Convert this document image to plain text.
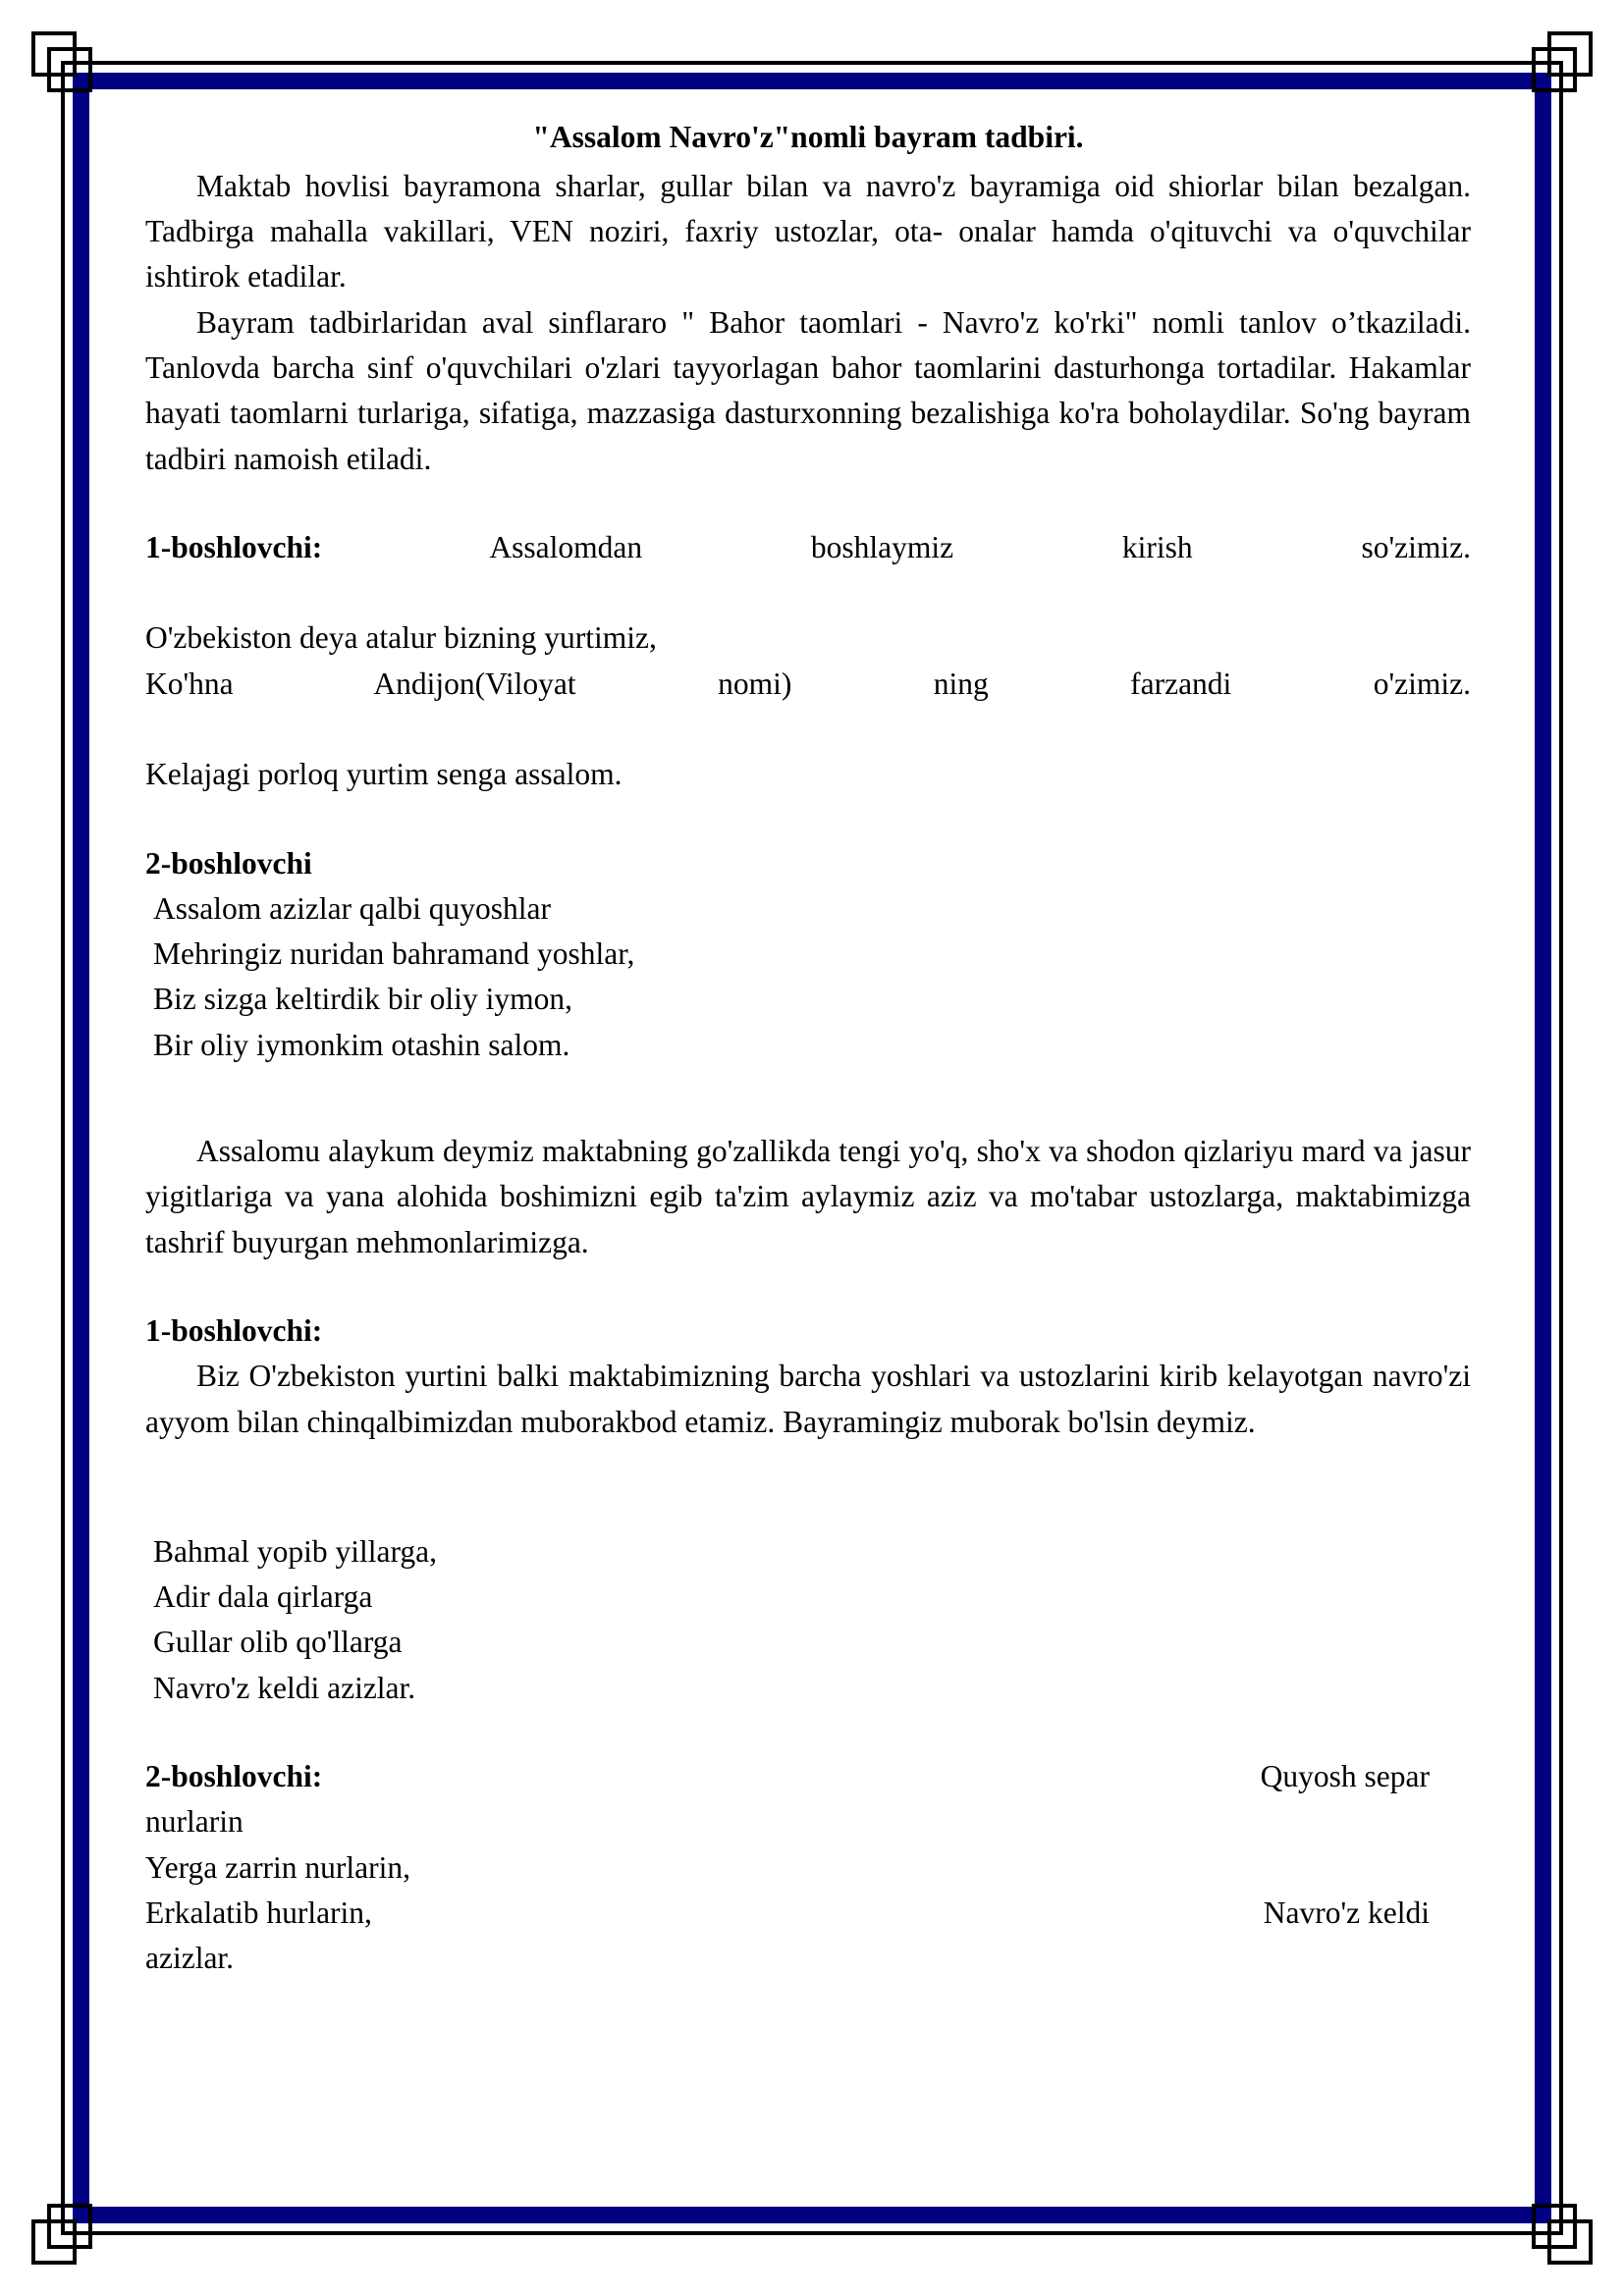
"Assalom Navro'z"nomli bayram tadbiri.

Maktab hovlisi bayramona sharlar, gullar bilan va navro'z bayramiga oid shiorlar bilan bezalgan. Tadbirga mahalla vakillari, VEN noziri, faxriy ustozlar, ota- onalar hamda o'qituvchi va o'quvchilar ishtirok etadilar.

Bayram tadbirlaridan aval sinflararo " Bahor taomlari - Navro'z ko'rki" nomli tanlov o’tkaziladi. Tanlovda barcha sinf o'quvchilari o'zlari tayyorlagan bahor taomlarini dasturhonga tortadilar. Hakamlar hayati taomlarni turlariga, sifatiga, mazzasiga dasturxonning bezalishiga ko'ra boholaydilar. So'ng bayram tadbiri namoish etiladi.

1-boshlovchi:	Assalomdan boshlaymiz kirish so'zimiz.

O'zbekiston deya atalur bizning yurtimiz,

Ko'hna Andijon(Viloyat nomi) ning farzandi o'zimiz.

Kelajagi porloq yurtim senga assalom.

2-boshlovchi

Assalom azizlar qalbi quyoshlar

Mehringiz nuridan bahramand yoshlar,

Biz sizga keltirdik bir oliy iymon,

Bir oliy iymonkim otashin salom.

Assalomu alaykum deymiz maktabning go'zallikda tengi yo'q, sho'x va shodon qizlariyu mard va jasur yigitlariga va yana alohida boshimizni egib ta'zim aylaymiz aziz va mo'tabar ustozlarga, maktabimizga tashrif buyurgan mehmonlarimizga.

1-boshlovchi:

Biz O'zbekiston yurtini balki maktabimizning barcha yoshlari va ustozlarini kirib kelayotgan navro'zi ayyom bilan chinqalbimizdan muborakbod etamiz. Bayramingiz muborak bo'lsin deymiz.

Bahmal yopib yillarga,

Adir dala qirlarga

Gullar olib qo'llarga

Navro'z keldi azizlar.

2-boshlovchi:	Quyosh separ

nurlarin

Yerga zarrin nurlarin,

Erkalatib hurlarin,	Navro'z keldi

azizlar.
